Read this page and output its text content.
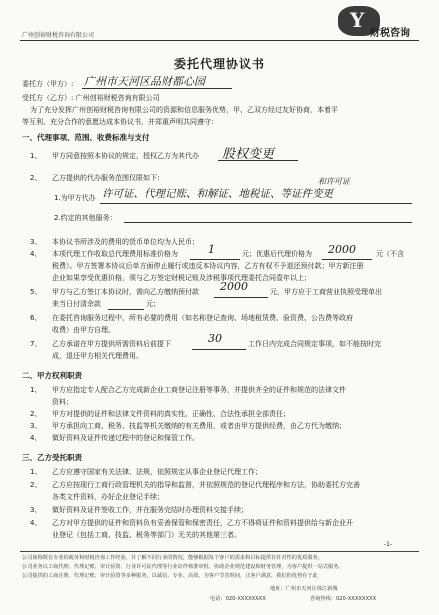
广州创裕财税咨询有限公司
Y
财税咨询
委托代理协议书
委托方（甲方）: 广州市天河区品财都心园
受托方（乙方）: 广州创裕财税咨询有限公司
为了充分发挥广州创裕财税咨询有限公司的资源和信息服务优势，甲、乙双方经过友好协商，本着平
等互利、充分合作的意愿达成本协议书，并郑重声明共同遵守：
一、代理事项、范围、收费标准与支付
1、 甲方同意按照本协议的规定，授权乙方为其代办 股权变更
2、 乙方提供的代办服务范围仅限如下：	和许可证
1.为甲方代办 许可证、代理记账、和解证、地税证、等证件变更
2.约定的其他服务：
3、 本协议书所涉及的费用的货币单位均为人民币；
4、 本项代理工作收取总代理费用标准价格为	1	元；优惠后代理价格为 2000	元（不含
税费）。甲方签署本协议后单方面停止履行或违反本协议内容，乙方有权不予退还预付款；甲方新注册
企业如果享受优惠价格，须与乙方签定财税记账及涉税事项代理委托合同壹年以上；
5、 甲方与乙方签订本协议时，需向乙方缴纳预付款 2000	元，甲方应于工商营业执照受理单出
来当日付清余款	元；
6、 在委托咨询服务过程中，所有必要的费用（如名称登记查询、场地租赁费、验资费、公告费等政府
收费）由甲方自理。
7、 乙方承诺在甲方提供所需资料后前提下	30	工作日内完成合同规定事项，如不能按时完
成，退还甲方相关代理费用。
二、甲方权利职责
1、 甲方应指定专人配合乙方完成新企业工商登记注册等事务，并提供齐全的证件和规范的法律文件
资料；
2、 甲方对提供的证件和法律文件资料的真实性、正确性、合法性承担全部责任；
3、 甲方承担向工商、税务、技监等机关缴纳的有关费用，或者由甲方提供经费，由乙方代为缴纳；
4、 做好资料及证件传递过程中的登记和保管工作。
三、乙方受托职责
1、 乙方应遵守国家有关法律、法规，依照规定从事企业登记代理工作；
2、 乙方应按现行工商行政管理机关的指导和监督，并依照规范的登记代理程序和方法，协助委托方完善
各类文件资料，办好企业登记手续；
3、 做好资料及证件签收工作，并在服务完结时办理资料交接手续；
4、 乙方对甲方提供的证件和资料负有妥善保管和保密责任，乙方不得将证件和资料提供给与新企业开
业登记（包括工商、技监、税务等部门）无关的其他第三者。
-1-
公司简称既有专业的税务和财税咨询工作经验，并了解不同行业的情况，能够根据每个客户的需求和目标提供有针对性的优质服务。
公司业务以工商代理、代理记账、审计验资、行业许可证代理等行业证件核准审批、协助企业规范建设和财务管理，为客户提供一站式服务。
公司提供的工商注册、代理记账、审计验资等多种服务，以诚信、专业、高效、为客户节省时间、让客户满意，我们的优势在于此
地址：广州市天河区珠江新城
电话：020-XXXXXXXX	咨询热线：020-XXXXXXXX
